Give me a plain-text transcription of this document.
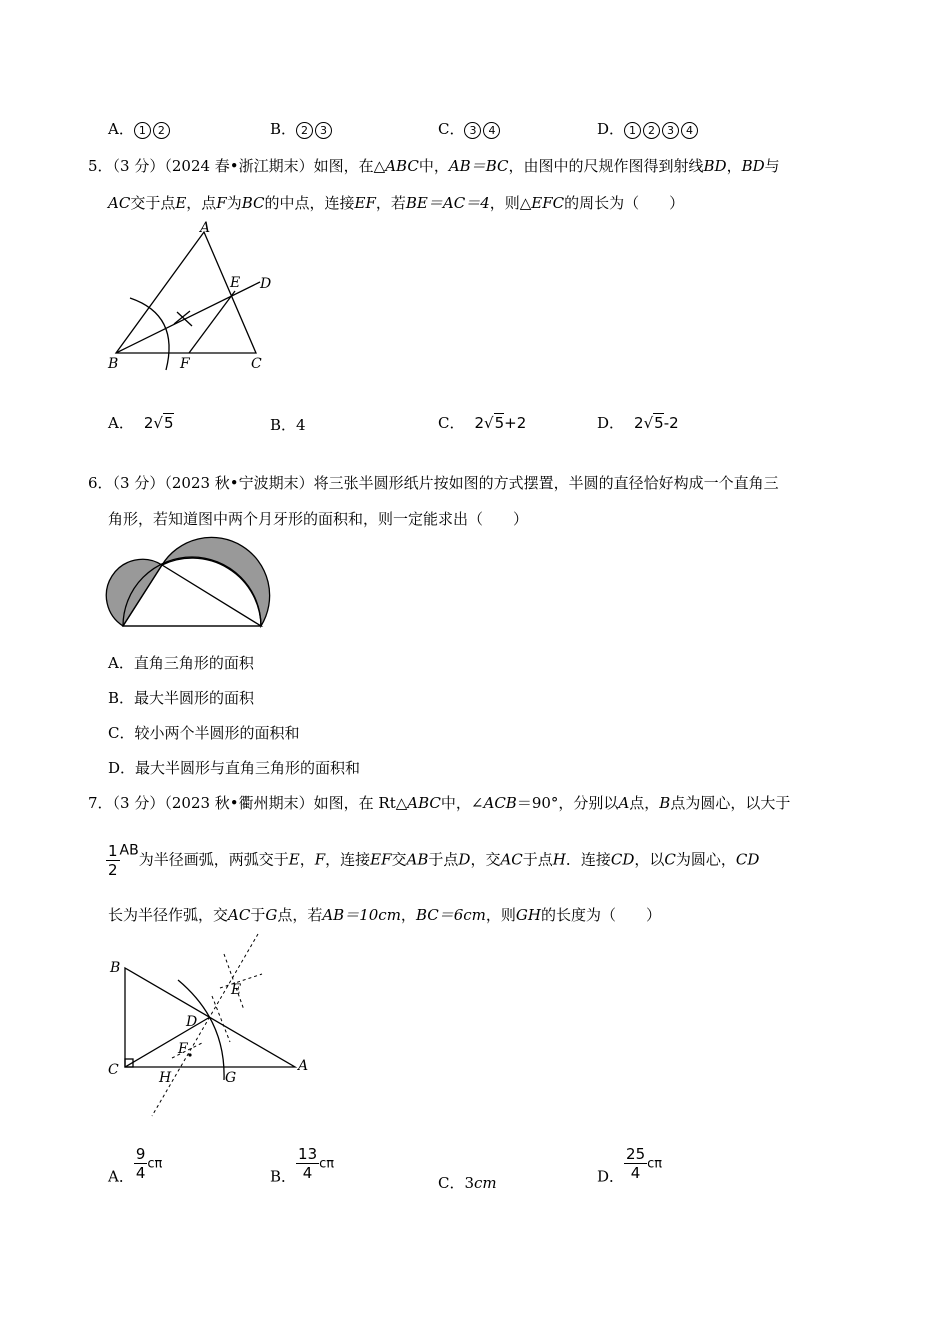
A． 1 2	B． 2 3	C． 3 4	D． 1 2 3 4
5．（3 分）（2024 春•浙江期末）如图，在△ABC中，AB＝BC，由图中的尺规作图得到射线BD，BD与
AC交于点E，点F为BC的中点，连接EF，若BE＝AC＝4，则△EFC的周长为（　　）
A
B	C
D
E
F
A． 2√5	B．4	C． 2√5+2	D． 2√5-2
6．（3 分）（2023 秋•宁波期末）将三张半圆形纸片按如图的方式摆置，半圆的直径恰好构成一个直角三
角形，若知道图中两个月牙形的面积和，则一定能求出（　　）
A．直角三角形的面积
B．最大半圆形的面积
C．较小两个半圆形的面积和
D．最大半圆形与直角三角形的面积和
7．（3 分）（2023 秋•衢州期末）如图，在 Rt△ABC中，∠ACB＝90°，分别以A点，B点为圆心，以大于
$\frac{1}{2}$ AB为半径画弧，两弧交于E，F，连接EF交AB于点D，交AC于点H．连接CD，以C为圆心，CD
长为半径作弧，交AC于G点，若AB＝10cm，BC＝6cm，则GH的长度为（　　）
B
C	A
D
E
F
H	G
A． $\frac{9}{4}$ cπ
B． $\frac{13}{4}$ cπ
C．3cm	D． $\frac{25}{4}$ cπ
